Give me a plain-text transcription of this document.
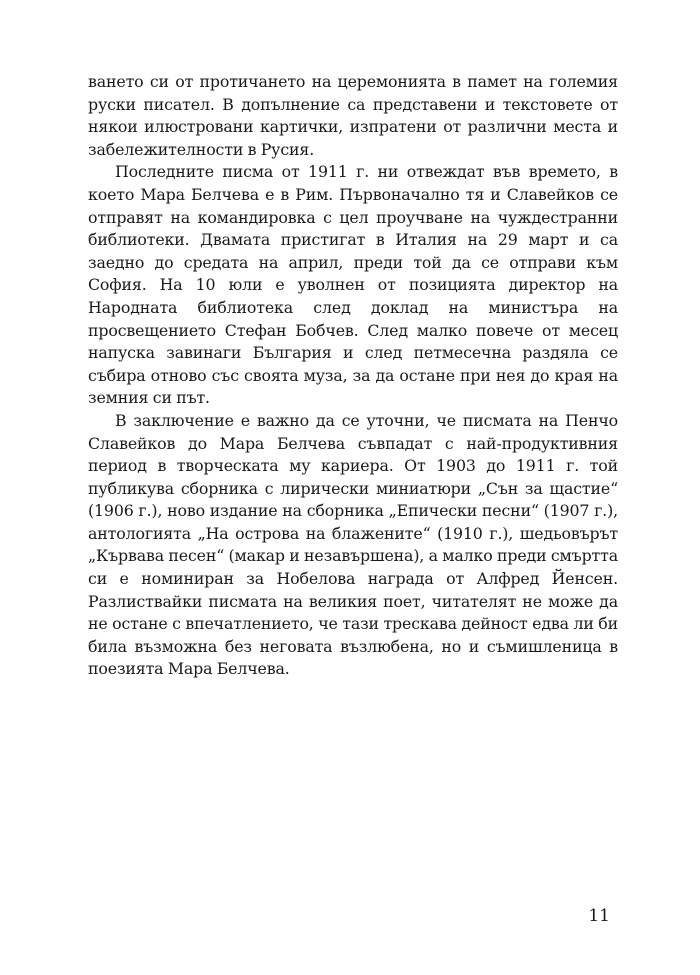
ването си от протичането на церемонията в памет на големия руски писател. В допълнение са представени и текстовете от някои илюстровани картички, изпратени от различни места и забележителности в Русия.

Последните писма от 1911 г. ни отвеждат във времето, в което Мара Белчева е в Рим. Първоначално тя и Славейков се отправят на командировка с цел проучване на чуждестранни библиотеки. Двамата пристигат в Италия на 29 март и са заедно до средата на април, преди той да се отправи към София. На 10 юли е уволнен от позицията директор на Народната библиотека след доклад на министъра на просвещението Стефан Бобчев. След малко повече от месец напуска завинаги България и след петмесечна раздяла се събира отново със своята муза, за да остане при нея до края на земния си път.

В заключение е важно да се уточни, че писмата на Пенчо Славейков до Мара Белчева съвпадат с най-продуктивния период в творческата му кариера. От 1903 до 1911 г. той публикува сборника с лирически миниатюри „Сън за щастие“ (1906 г.), ново издание на сборника „Епически песни“ (1907 г.), антологията „На острова на блажените“ (1910 г.), шедьовърът „Кървава песен“ (макар и незавършена), а малко преди смъртта си е номиниран за Нобелова награда от Алфред Йенсен. Разлиствайки писмата на великия поет, читателят не може да не остане с впечатлението, че тази трескава дейност едва ли би била възможна без неговата възлюбена, но и съмишленица в поезията Мара Белчева.

11
